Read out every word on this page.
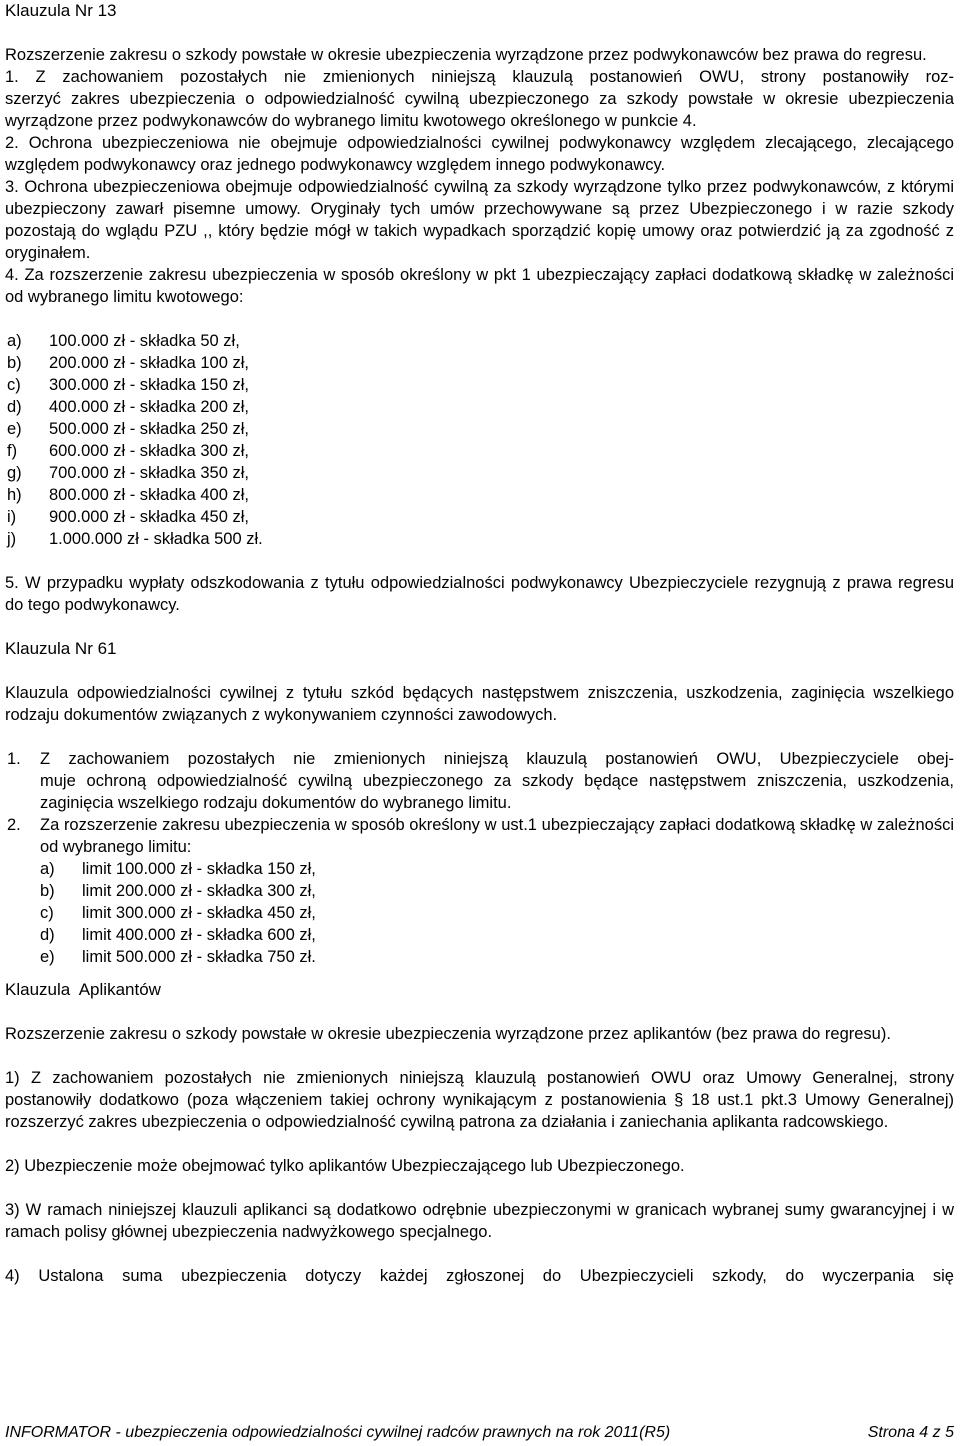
Klauzula Nr 13

Rozszerzenie zakresu o szkody powstałe w okresie ubezpieczenia wyrządzone przez podwykonawców bez prawa do regresu.

1. Z zachowaniem pozostałych nie zmienionych niniejszą klauzulą postanowień OWU, strony postanowiły roz-

szerzyć zakres ubezpieczenia o odpowiedzialność cywilną ubezpieczonego za szkody powstałe w okresie ubezpieczenia wyrządzone przez podwykonawców do wybranego limitu kwotowego określonego w punkcie 4.

2. Ochrona ubezpieczeniowa nie obejmuje odpowiedzialności cywilnej podwykonawcy względem zlecającego, zlecającego względem podwykonawcy oraz jednego podwykonawcy względem innego podwykonawcy.

3. Ochrona ubezpieczeniowa obejmuje odpowiedzialność cywilną za szkody wyrządzone tylko przez podwykonawców, z którymi ubezpieczony zawarł pisemne umowy. Oryginały tych umów przechowywane są przez Ubezpieczonego i w razie szkody pozostają do wglądu PZU ,, który będzie mógł w takich wypadkach sporządzić kopię umowy oraz potwierdzić ją za zgodność z oryginałem.

4. Za rozszerzenie zakresu ubezpieczenia w sposób określony w pkt 1 ubezpieczający zapłaci dodatkową składkę w zależności od wybranego limitu kwotowego:

a)	100.000 zł - składka 50 zł,
b)	200.000 zł - składka 100 zł,
c)	300.000 zł - składka 150 zł,
d)	400.000 zł - składka 200 zł,
e)	500.000 zł - składka 250 zł,
f)	600.000 zł - składka 300 zł,
g)	700.000 zł - składka 350 zł,
h)	800.000 zł - składka 400 zł,
i)	900.000 zł - składka 450 zł,
j)	1.000.000 zł - składka 500 zł.

5. W przypadku wypłaty odszkodowania z tytułu odpowiedzialności podwykonawcy Ubezpieczyciele rezygnują z prawa regresu do tego podwykonawcy.

Klauzula Nr 61

Klauzula odpowiedzialności cywilnej z tytułu szkód będących następstwem zniszczenia, uszkodzenia, zaginięcia wszelkiego rodzaju dokumentów związanych z wykonywaniem czynności zawodowych.

1.	Z zachowaniem pozostałych nie zmienionych niniejszą klauzulą postanowień OWU, Ubezpieczyciele obej-
muje ochroną odpowiedzialność cywilną ubezpieczonego za szkody będące następstwem zniszczenia, uszkodzenia, zaginięcia wszelkiego rodzaju dokumentów do wybranego limitu.
2.	Za rozszerzenie zakresu ubezpieczenia w sposób określony w ust.1 ubezpieczający zapłaci dodatkową składkę w zależności od wybranego limitu:
a)	limit 100.000 zł - składka 150 zł,
b)	limit 200.000 zł - składka 300 zł,
c)	limit 300.000 zł - składka 450 zł,
d)	limit 400.000 zł - składka 600 zł,
e)	limit 500.000 zł - składka 750 zł.
Klauzula  Aplikantów

Rozszerzenie zakresu o szkody powstałe w okresie ubezpieczenia wyrządzone przez aplikantów (bez prawa do regresu).

1) Z zachowaniem pozostałych nie zmienionych niniejszą klauzulą postanowień OWU oraz Umowy Generalnej, strony postanowiły dodatkowo (poza włączeniem takiej ochrony wynikającym z postanowienia § 18 ust.1 pkt.3 Umowy Generalnej) rozszerzyć zakres ubezpieczenia o odpowiedzialność cywilną patrona za działania i zaniechania aplikanta radcowskiego.

2) Ubezpieczenie może obejmować tylko aplikantów Ubezpieczającego lub Ubezpieczonego.

3) W ramach niniejszej klauzuli aplikanci są dodatkowo odrębnie ubezpieczonymi w granicach wybranej sumy gwarancyjnej i w ramach polisy głównej ubezpieczenia nadwyżkowego specjalnego.

4) Ustalona suma ubezpieczenia dotyczy każdej zgłoszonej do Ubezpieczycieli szkody, do wyczerpania się

INFORMATOR - ubezpieczenia odpowiedzialności cywilnej radców prawnych na rok 2011(R5)	Strona 4 z 5
